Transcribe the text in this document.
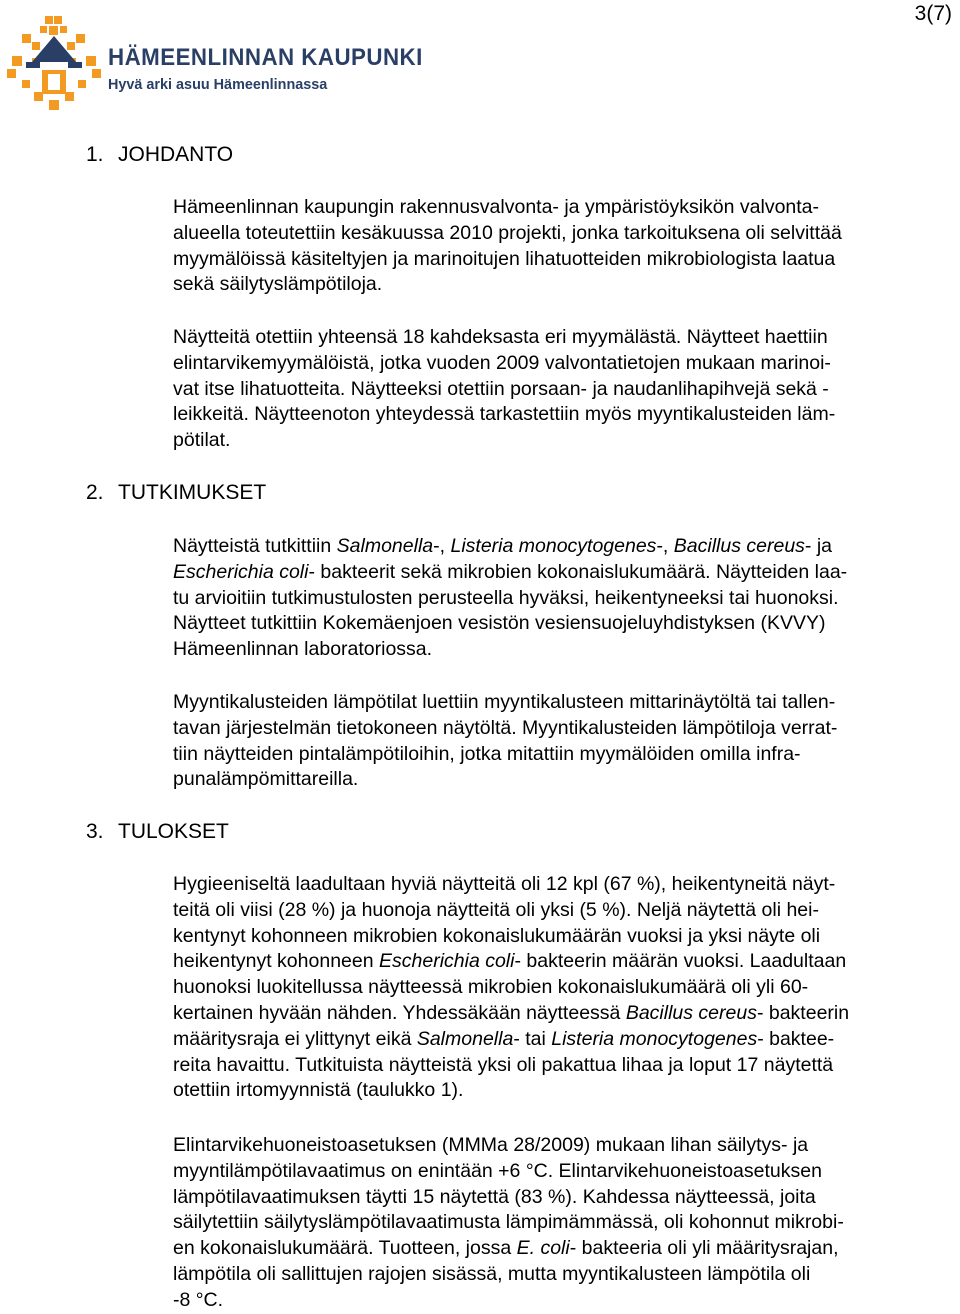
3(7)
HÄMEENLINNAN KAUPUNKI
Hyvä arki asuu Hämeenlinnassa
1. JOHDANTO
Hämeenlinnan kaupungin rakennusvalvonta- ja ympäristöyksikön valvonta-
alueella toteutettiin kesäkuussa 2010 projekti, jonka tarkoituksena oli selvittää
myymälöissä käsiteltyjen ja marinoitujen lihatuotteiden mikrobiologista laatua
sekä säilytyslämpötiloja.
Näytteitä otettiin yhteensä 18 kahdeksasta eri myymälästä. Näytteet haettiin
elintarvikemyymälöistä, jotka vuoden 2009 valvontatietojen mukaan marinoi-
vat itse lihatuotteita. Näytteeksi otettiin porsaan- ja naudanlihapihvejä sekä -
leikkeitä. Näytteenoton yhteydessä tarkastettiin myös myyntikalusteiden läm-
pötilat.
2. TUTKIMUKSET
Näytteistä tutkittiin Salmonella-, Listeria monocytogenes-, Bacillus cereus- ja
Escherichia coli- bakteerit sekä mikrobien kokonaislukumäärä. Näytteiden laa-
tu arvioitiin tutkimustulosten perusteella hyväksi, heikentyneeksi tai huonoksi.
Näytteet tutkittiin Kokemäenjoen vesistön vesiensuojeluyhdistyksen (KVVY)
Hämeenlinnan laboratoriossa.
Myyntikalusteiden lämpötilat luettiin myyntikalusteen mittarinäytöltä tai tallen-
tavan järjestelmän tietokoneen näytöltä. Myyntikalusteiden lämpötiloja verrat-
tiin näytteiden pintalämpötiloihin, jotka mitattiin myymälöiden omilla infra-
punalämpömittareilla.
3. TULOKSET
Hygieeniseltä laadultaan hyviä näytteitä oli 12 kpl (67 %), heikentyneitä näyt-
teitä oli viisi (28 %) ja huonoja näytteitä oli yksi (5 %). Neljä näytettä oli hei-
kentynyt kohonneen mikrobien kokonaislukumäärän vuoksi ja yksi näyte oli
heikentynyt kohonneen Escherichia coli- bakteerin määrän vuoksi. Laadultaan
huonoksi luokitellussa näytteessä mikrobien kokonaislukumäärä oli yli 60-
kertainen hyvään nähden. Yhdessäkään näytteessä Bacillus cereus- bakteerin
määritysraja ei ylittynyt eikä Salmonella- tai Listeria monocytogenes- baktee-
reita havaittu. Tutkituista näytteistä yksi oli pakattua lihaa ja loput 17 näytettä
otettiin irtomyynnistä (taulukko 1).
Elintarvikehuoneistoasetuksen (MMMa 28/2009) mukaan lihan säilytys- ja
myyntilämpötilavaatimus on enintään +6 °C. Elintarvikehuoneistoasetuksen
lämpötilavaatimuksen täytti 15 näytettä (83 %). Kahdessa näytteessä, joita
säilytettiin säilytyslämpötilavaatimusta lämpimämmässä, oli kohonnut mikrobi-
en kokonaislukumäärä. Tuotteen, jossa E. coli- bakteeria oli yli määritysrajan,
lämpötila oli sallittujen rajojen sisässä, mutta myyntikalusteen lämpötila oli
-8 °C.
